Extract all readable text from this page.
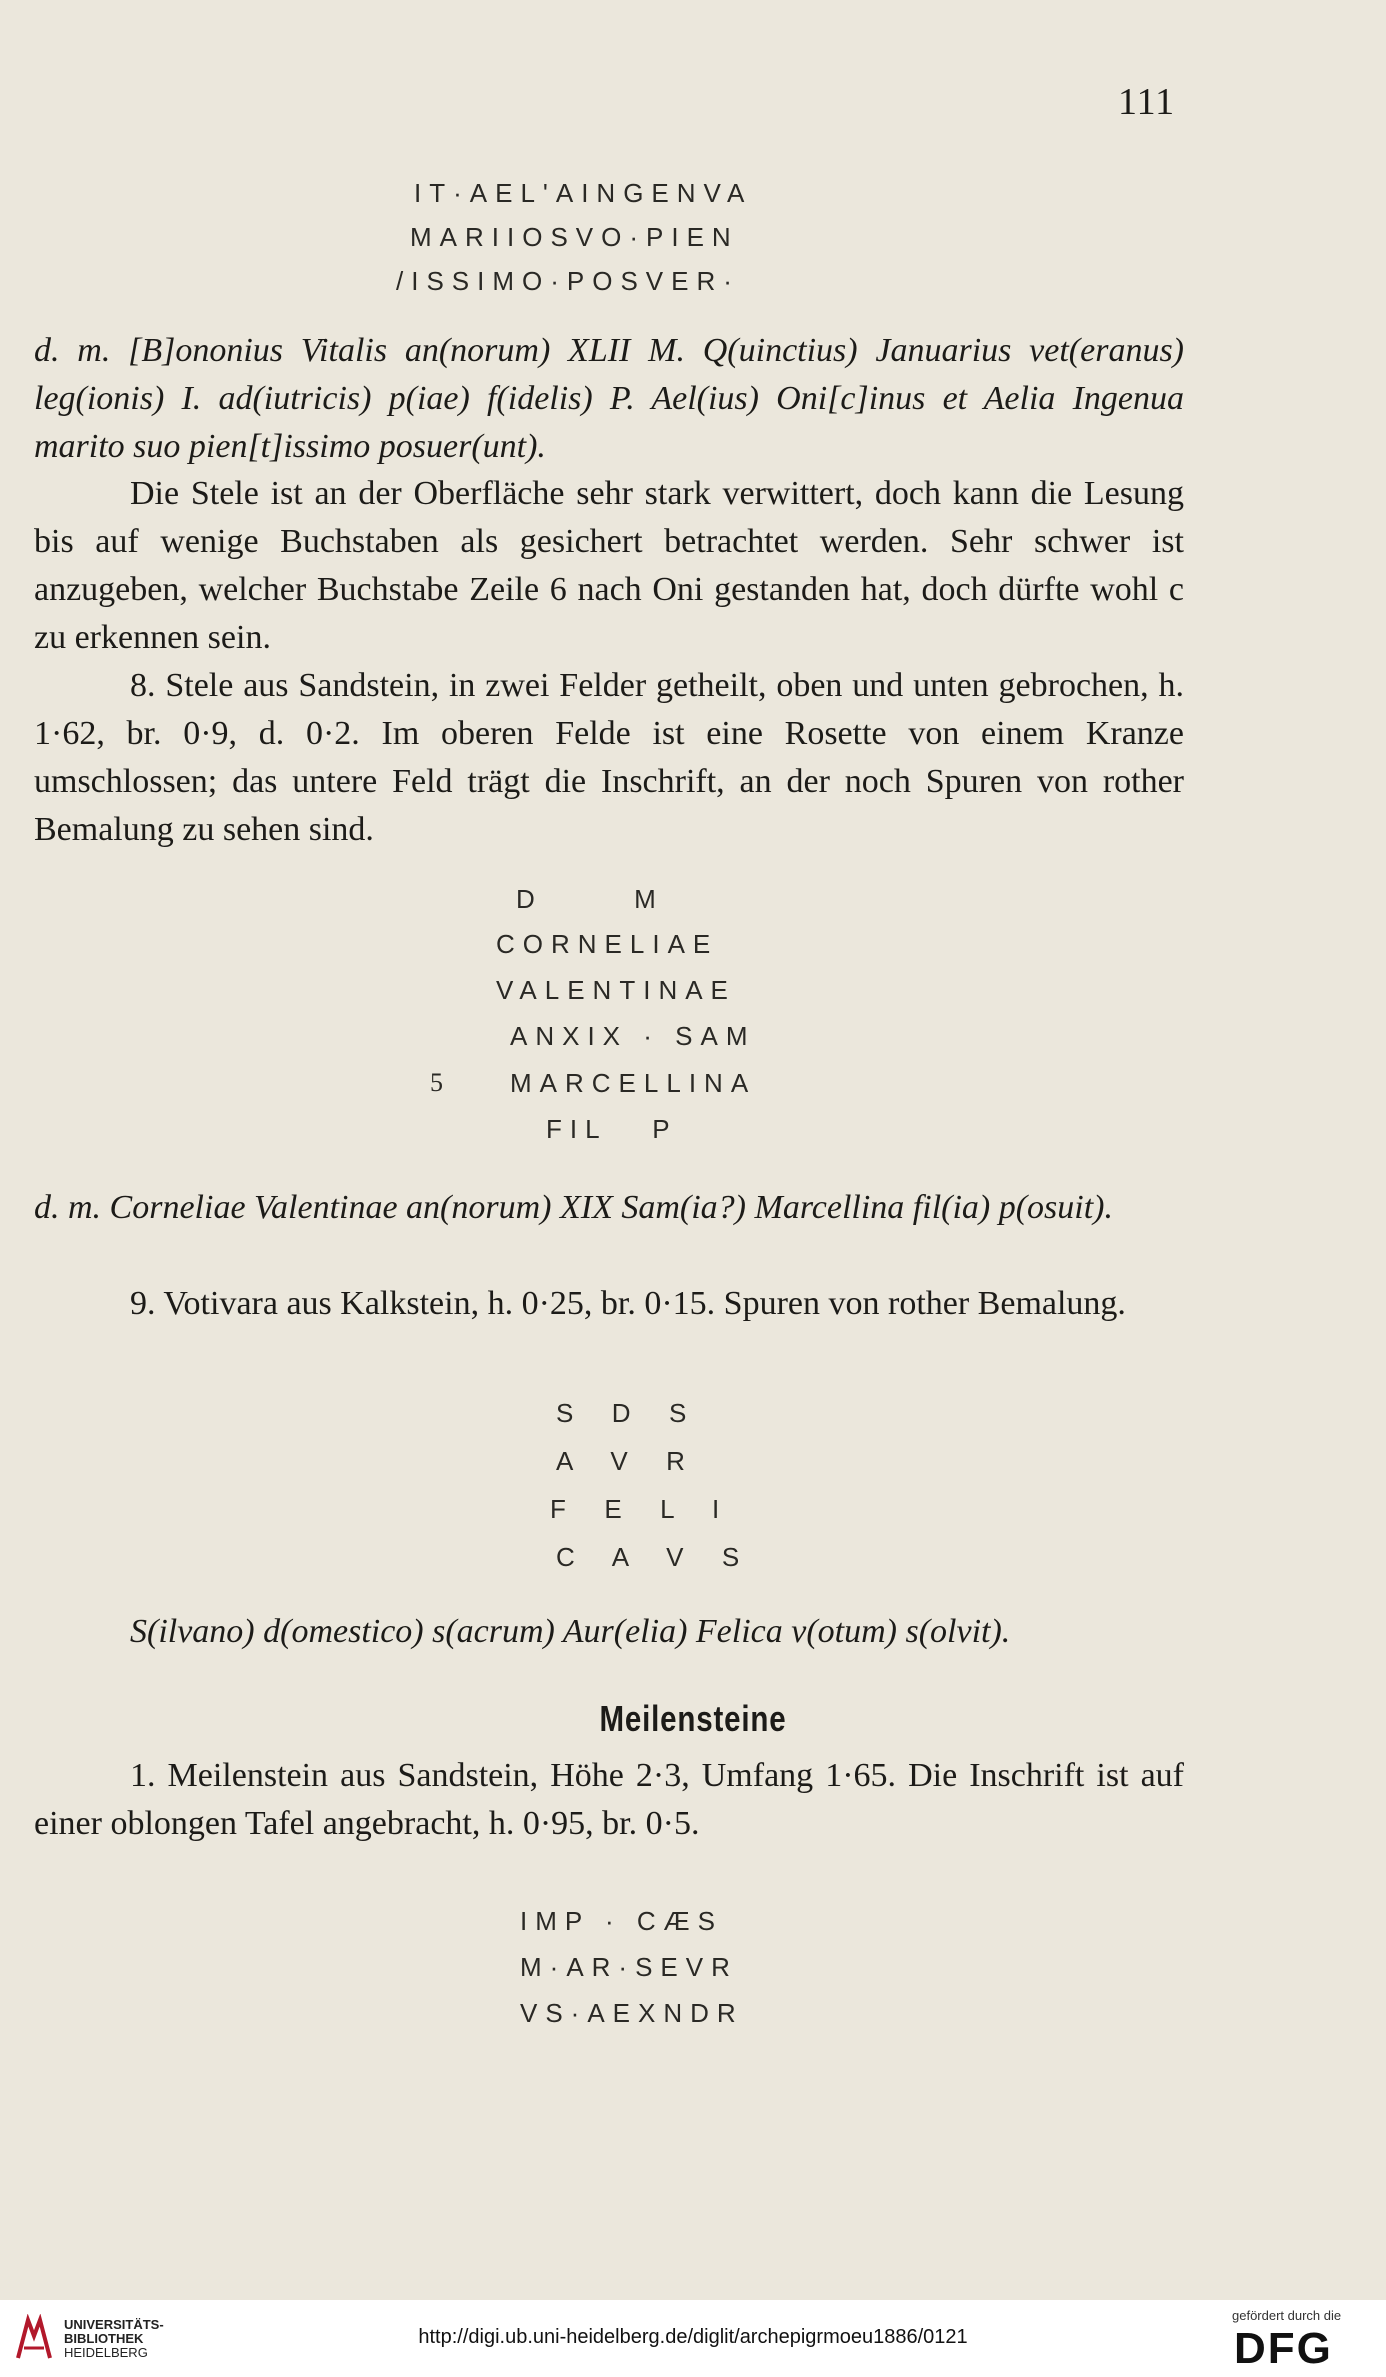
111
IT·AEL'AINGENVA
MARIIOSVO·PIEN
/ISSIMO·POSVER·
d. m. [B]ononius Vitalis an(norum) XLII M. Q(uinctius) Januarius vet(eranus) leg(ionis) I. ad(iutricis) p(iae) f(idelis) P. Ael(ius) Oni[c]inus et Aelia Ingenua marito suo pien[t]issimo posuer(unt).
Die Stele ist an der Oberfläche sehr stark verwittert, doch kann die Lesung bis auf wenige Buchstaben als gesichert betrachtet werden. Sehr schwer ist anzugeben, welcher Buchstabe Zeile 6 nach Oni gestanden hat, doch dürfte wohl c zu erkennen sein.
8. Stele aus Sandstein, in zwei Felder getheilt, oben und unten gebrochen, h. 1·62, br. 0·9, d. 0·2. Im oberen Felde ist eine Rosette von einem Kranze umschlossen; das untere Feld trägt die Inschrift, an der noch Spuren von rother Bemalung zu sehen sind.
D      M
CORNELIAE
VALENTINAE
ANXIX · SAM
5	MARCELLINA
FIL   P
d. m. Corneliae Valentinae an(norum) XIX Sam(ia?) Marcellina fil(ia) p(osuit).
9. Votivara aus Kalkstein, h. 0·25, br. 0·15. Spuren von rother Bemalung.
S  D  S
A  V  R
F  E  L  I
C  A  V  S
S(ilvano) d(omestico) s(acrum) Aur(elia) Felica v(otum) s(olvit).
Meilensteine
1. Meilenstein aus Sandstein, Höhe 2·3, Umfang 1·65. Die Inschrift ist auf einer oblongen Tafel angebracht, h. 0·95, br. 0·5.
IMP · CÆS
M·AR·SEVR
VS·AEXNDR
UNIVERSITÄTS-
BIBLIOTHEK
HEIDELBERG
http://digi.ub.uni-heidelberg.de/diglit/archepigrmoeu1886/0121
gefördert durch die
DFG
